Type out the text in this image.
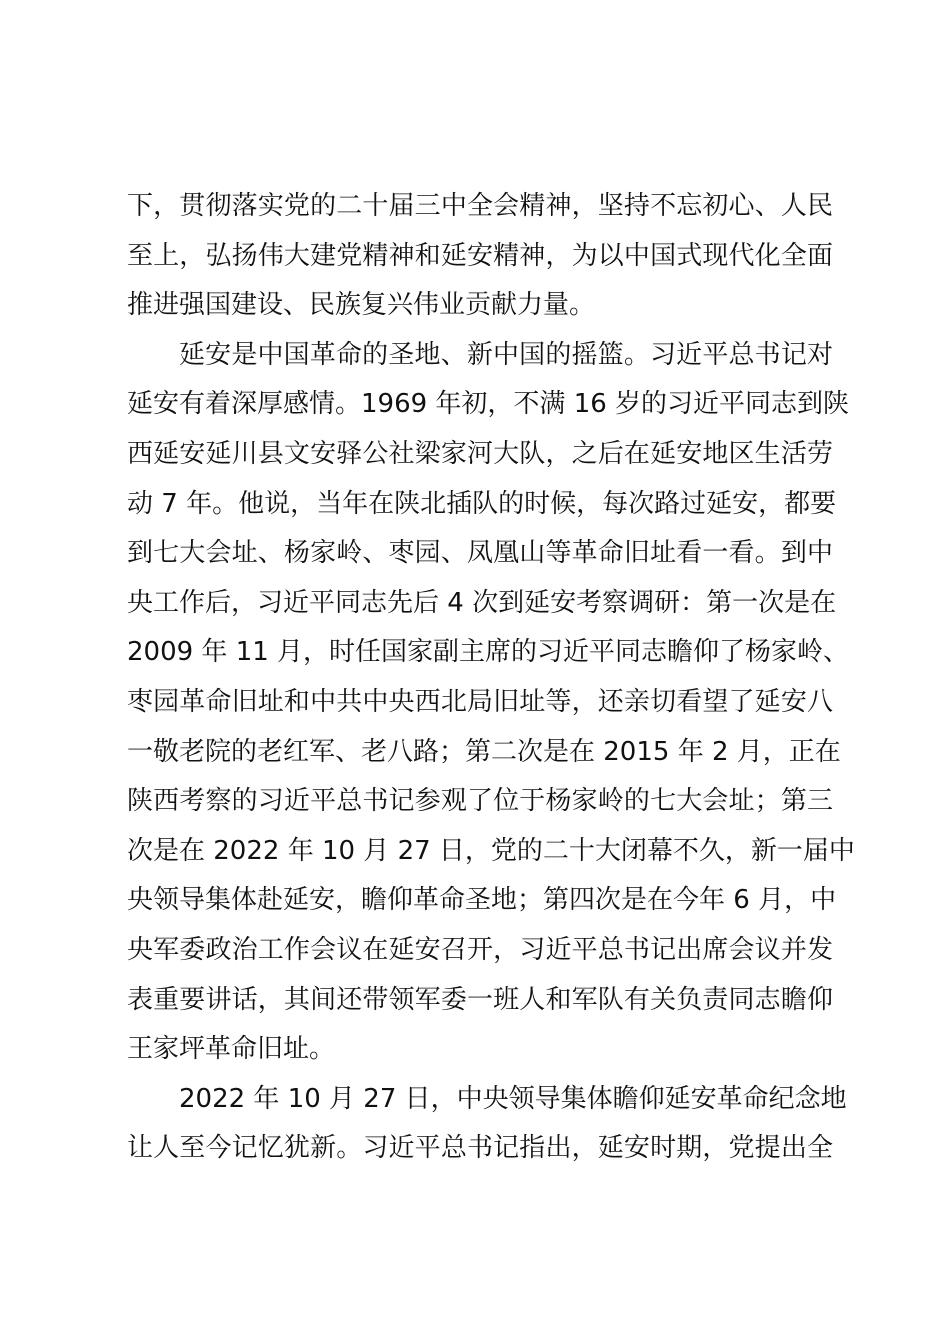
下，贯彻落实党的二十届三中全会精神，坚持不忘初心、人民
至上，弘扬伟大建党精神和延安精神，为以中国式现代化全面
推进强国建设、民族复兴伟业贡献力量。
延安是中国革命的圣地、新中国的摇篮。习近平总书记对
延安有着深厚感情。1969 年初，不满 16 岁的习近平同志到陕
西延安延川县文安驿公社梁家河大队，之后在延安地区生活劳
动 7 年。他说，当年在陕北插队的时候，每次路过延安，都要
到七大会址、杨家岭、枣园、凤凰山等革命旧址看一看。到中
央工作后，习近平同志先后 4 次到延安考察调研：第一次是在
2009 年 11 月，时任国家副主席的习近平同志瞻仰了杨家岭、
枣园革命旧址和中共中央西北局旧址等，还亲切看望了延安八
一敬老院的老红军、老八路；第二次是在 2015 年 2 月，正在
陕西考察的习近平总书记参观了位于杨家岭的七大会址；第三
次是在 2022 年 10 月 27 日，党的二十大闭幕不久，新一届中
央领导集体赴延安，瞻仰革命圣地；第四次是在今年 6 月，中
央军委政治工作会议在延安召开，习近平总书记出席会议并发
表重要讲话，其间还带领军委一班人和军队有关负责同志瞻仰
王家坪革命旧址。
2022 年 10 月 27 日，中央领导集体瞻仰延安革命纪念地
让人至今记忆犹新。习近平总书记指出，延安时期，党提出全
